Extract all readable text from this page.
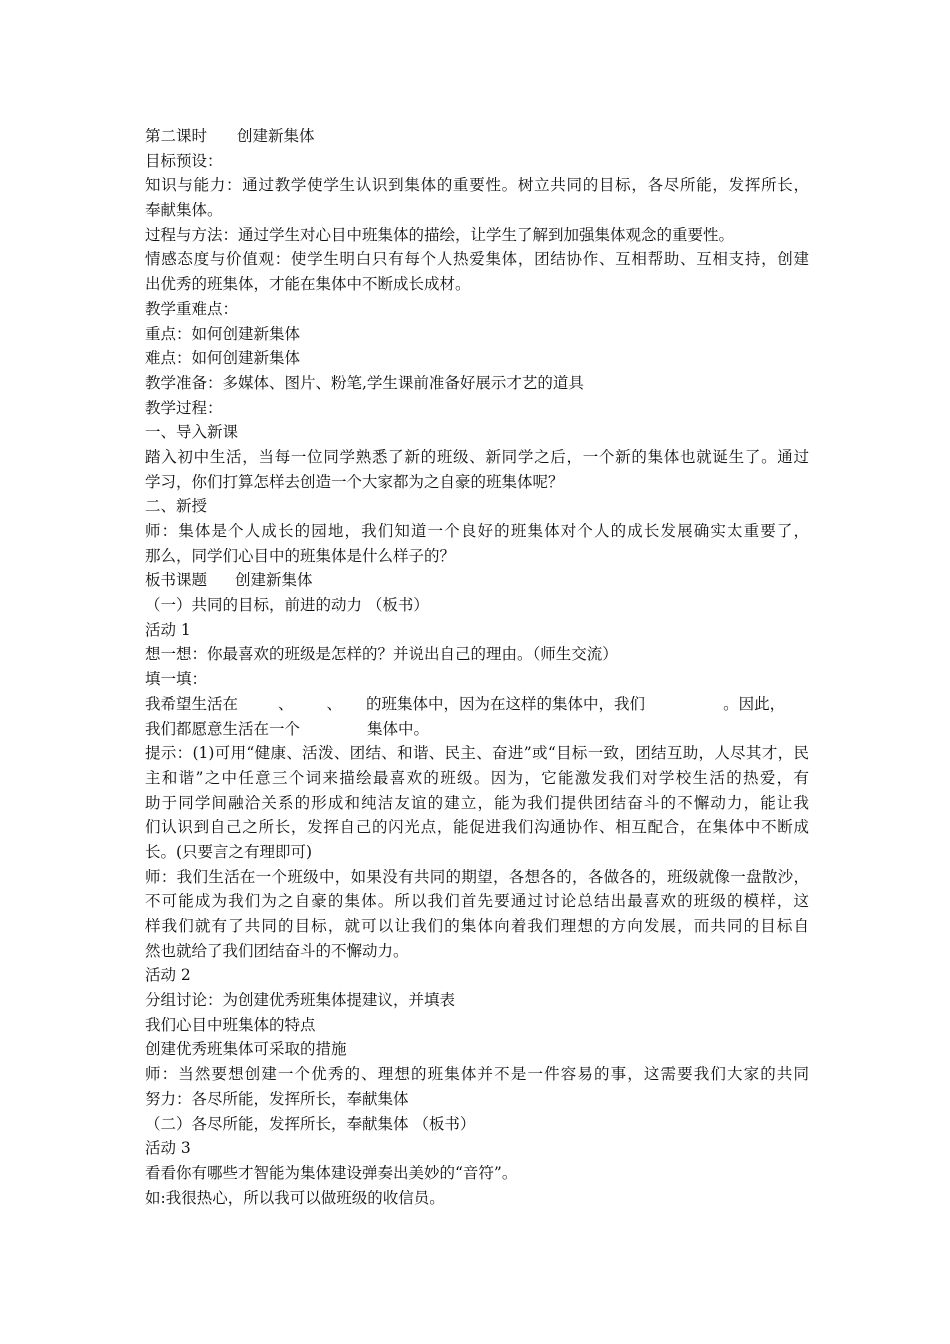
第二课时 创建新集体
目标预设：
知识与能力：通过教学使学生认识到集体的重要性。树立共同的目标，各尽所能，发挥所长，
奉献集体。
过程与方法：通过学生对心目中班集体的描绘，让学生了解到加强集体观念的重要性。
情感态度与价值观：使学生明白只有每个人热爱集体，团结协作、互相帮助、互相支持，创建
出优秀的班集体，才能在集体中不断成长成材。
教学重难点：
重点：如何创建新集体
难点：如何创建新集体
教学准备：多媒体、图片、粉笔,学生课前准备好展示才艺的道具
教学过程：
一、导入新课
踏入初中生活，当每一位同学熟悉了新的班级、新同学之后，一个新的集体也就诞生了。通过
学习，你们打算怎样去创造一个大家都为之自豪的班集体呢？
二、新授
师：集体是个人成长的园地，我们知道一个良好的班集体对个人的成长发展确实太重要了，
那么，同学们心目中的班集体是什么样子的？
板书课题 创建新集体
（一）共同的目标，前进的动力 （板书）
活动 1
想一想：你最喜欢的班级是怎样的？并说出自己的理由。（师生交流）
填一填：
我希望生活在	、 、 的班集体中，因为在这样的集体中，我们	。因此，
我们都愿意生活在一个	集体中。
提示：(1)可用“健康、活泼、团结、和谐、民主、奋进”或“目标一致，团结互助，人尽其才，民
主和谐”之中任意三个词来描绘最喜欢的班级。因为，它能激发我们对学校生活的热爱，有
助于同学间融洽关系的形成和纯洁友谊的建立，能为我们提供团结奋斗的不懈动力，能让我
们认识到自己之所长，发挥自己的闪光点，能促进我们沟通协作、相互配合，在集体中不断成
长。(只要言之有理即可)
师：我们生活在一个班级中，如果没有共同的期望，各想各的，各做各的，班级就像一盘散沙，
不可能成为我们为之自豪的集体。所以我们首先要通过讨论总结出最喜欢的班级的模样，这
样我们就有了共同的目标，就可以让我们的集体向着我们理想的方向发展，而共同的目标自
然也就给了我们团结奋斗的不懈动力。
活动 2
分组讨论：为创建优秀班集体提建议，并填表
我们心目中班集体的特点
创建优秀班集体可采取的措施
师：当然要想创建一个优秀的、理想的班集体并不是一件容易的事，这需要我们大家的共同
努力：各尽所能，发挥所长，奉献集体
（二）各尽所能，发挥所长，奉献集体 （板书）
活动 3
看看你有哪些才智能为集体建设弹奏出美妙的“音符”。
如:我很热心，所以我可以做班级的收信员。
